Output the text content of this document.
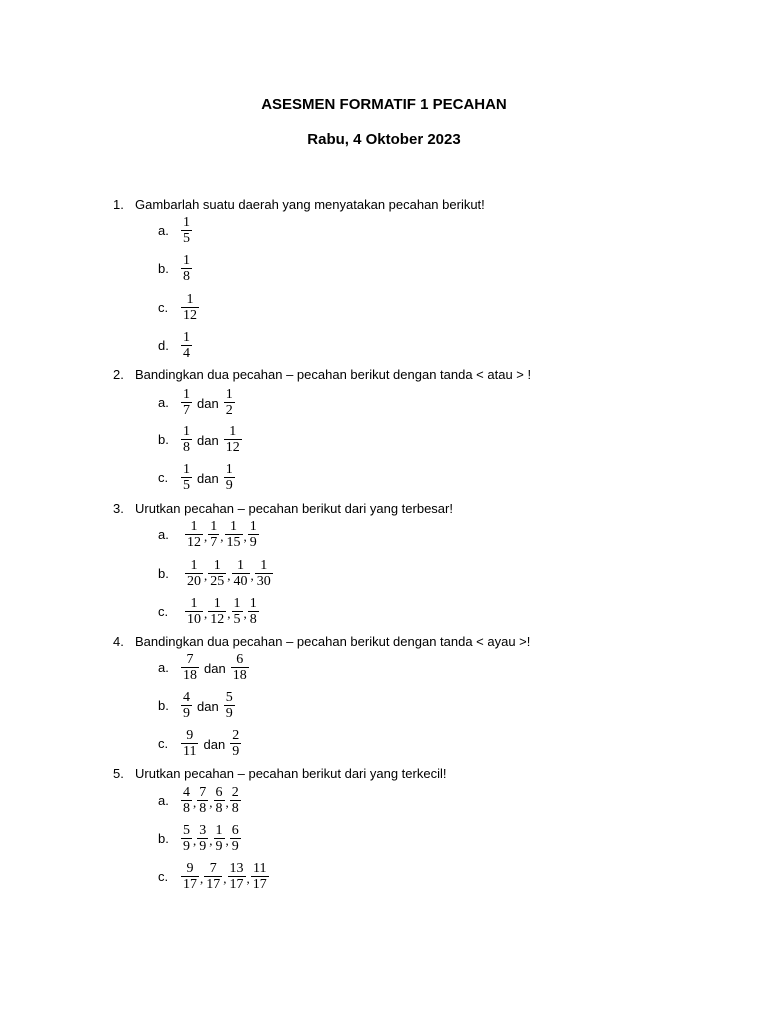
ASESMEN FORMATIF 1 PECAHAN
Rabu, 4 Oktober 2023
1. Gambarlah suatu daerah yang menyatakan pecahan berikut!
a. $\frac{1}{5}$
b. $\frac{1}{8}$
c. $\frac{1}{12}$
d. $\frac{1}{4}$
2. Bandingkan dua pecahan – pecahan berikut dengan tanda < atau > !
a. $\frac{1}{7}$ dan $\frac{1}{2}$
b. $\frac{1}{8}$ dan $\frac{1}{12}$
c. $\frac{1}{5}$ dan $\frac{1}{9}$
3. Urutkan pecahan – pecahan berikut dari yang terbesar!
a.	$\frac{1}{12}$ , $\frac{1}{7}$ , $\frac{1}{15}$ , $\frac{1}{9}$
b.	$\frac{1}{20}$ , $\frac{1}{25}$ , $\frac{1}{40}$ , $\frac{1}{30}$
c.	$\frac{1}{10}$ , $\frac{1}{12}$ , $\frac{1}{5}$ , $\frac{1}{8}$
4. Bandingkan dua pecahan – pecahan berikut dengan tanda < ayau >!
a. $\frac{7}{18}$ dan $\frac{6}{18}$
b. $\frac{4}{9}$ dan $\frac{5}{9}$
c. $\frac{9}{11}$ dan $\frac{2}{9}$
5. Urutkan pecahan – pecahan berikut dari yang terkecil!
a. $\frac{4}{8}$ , $\frac{7}{8}$ , $\frac{6}{8}$ , $\frac{2}{8}$
b. $\frac{5}{9}$ , $\frac{3}{9}$ , $\frac{1}{9}$ , $\frac{6}{9}$
c. $\frac{9}{17}$ , $\frac{7}{17}$ , $\frac{13}{17}$ , $\frac{11}{17}$
